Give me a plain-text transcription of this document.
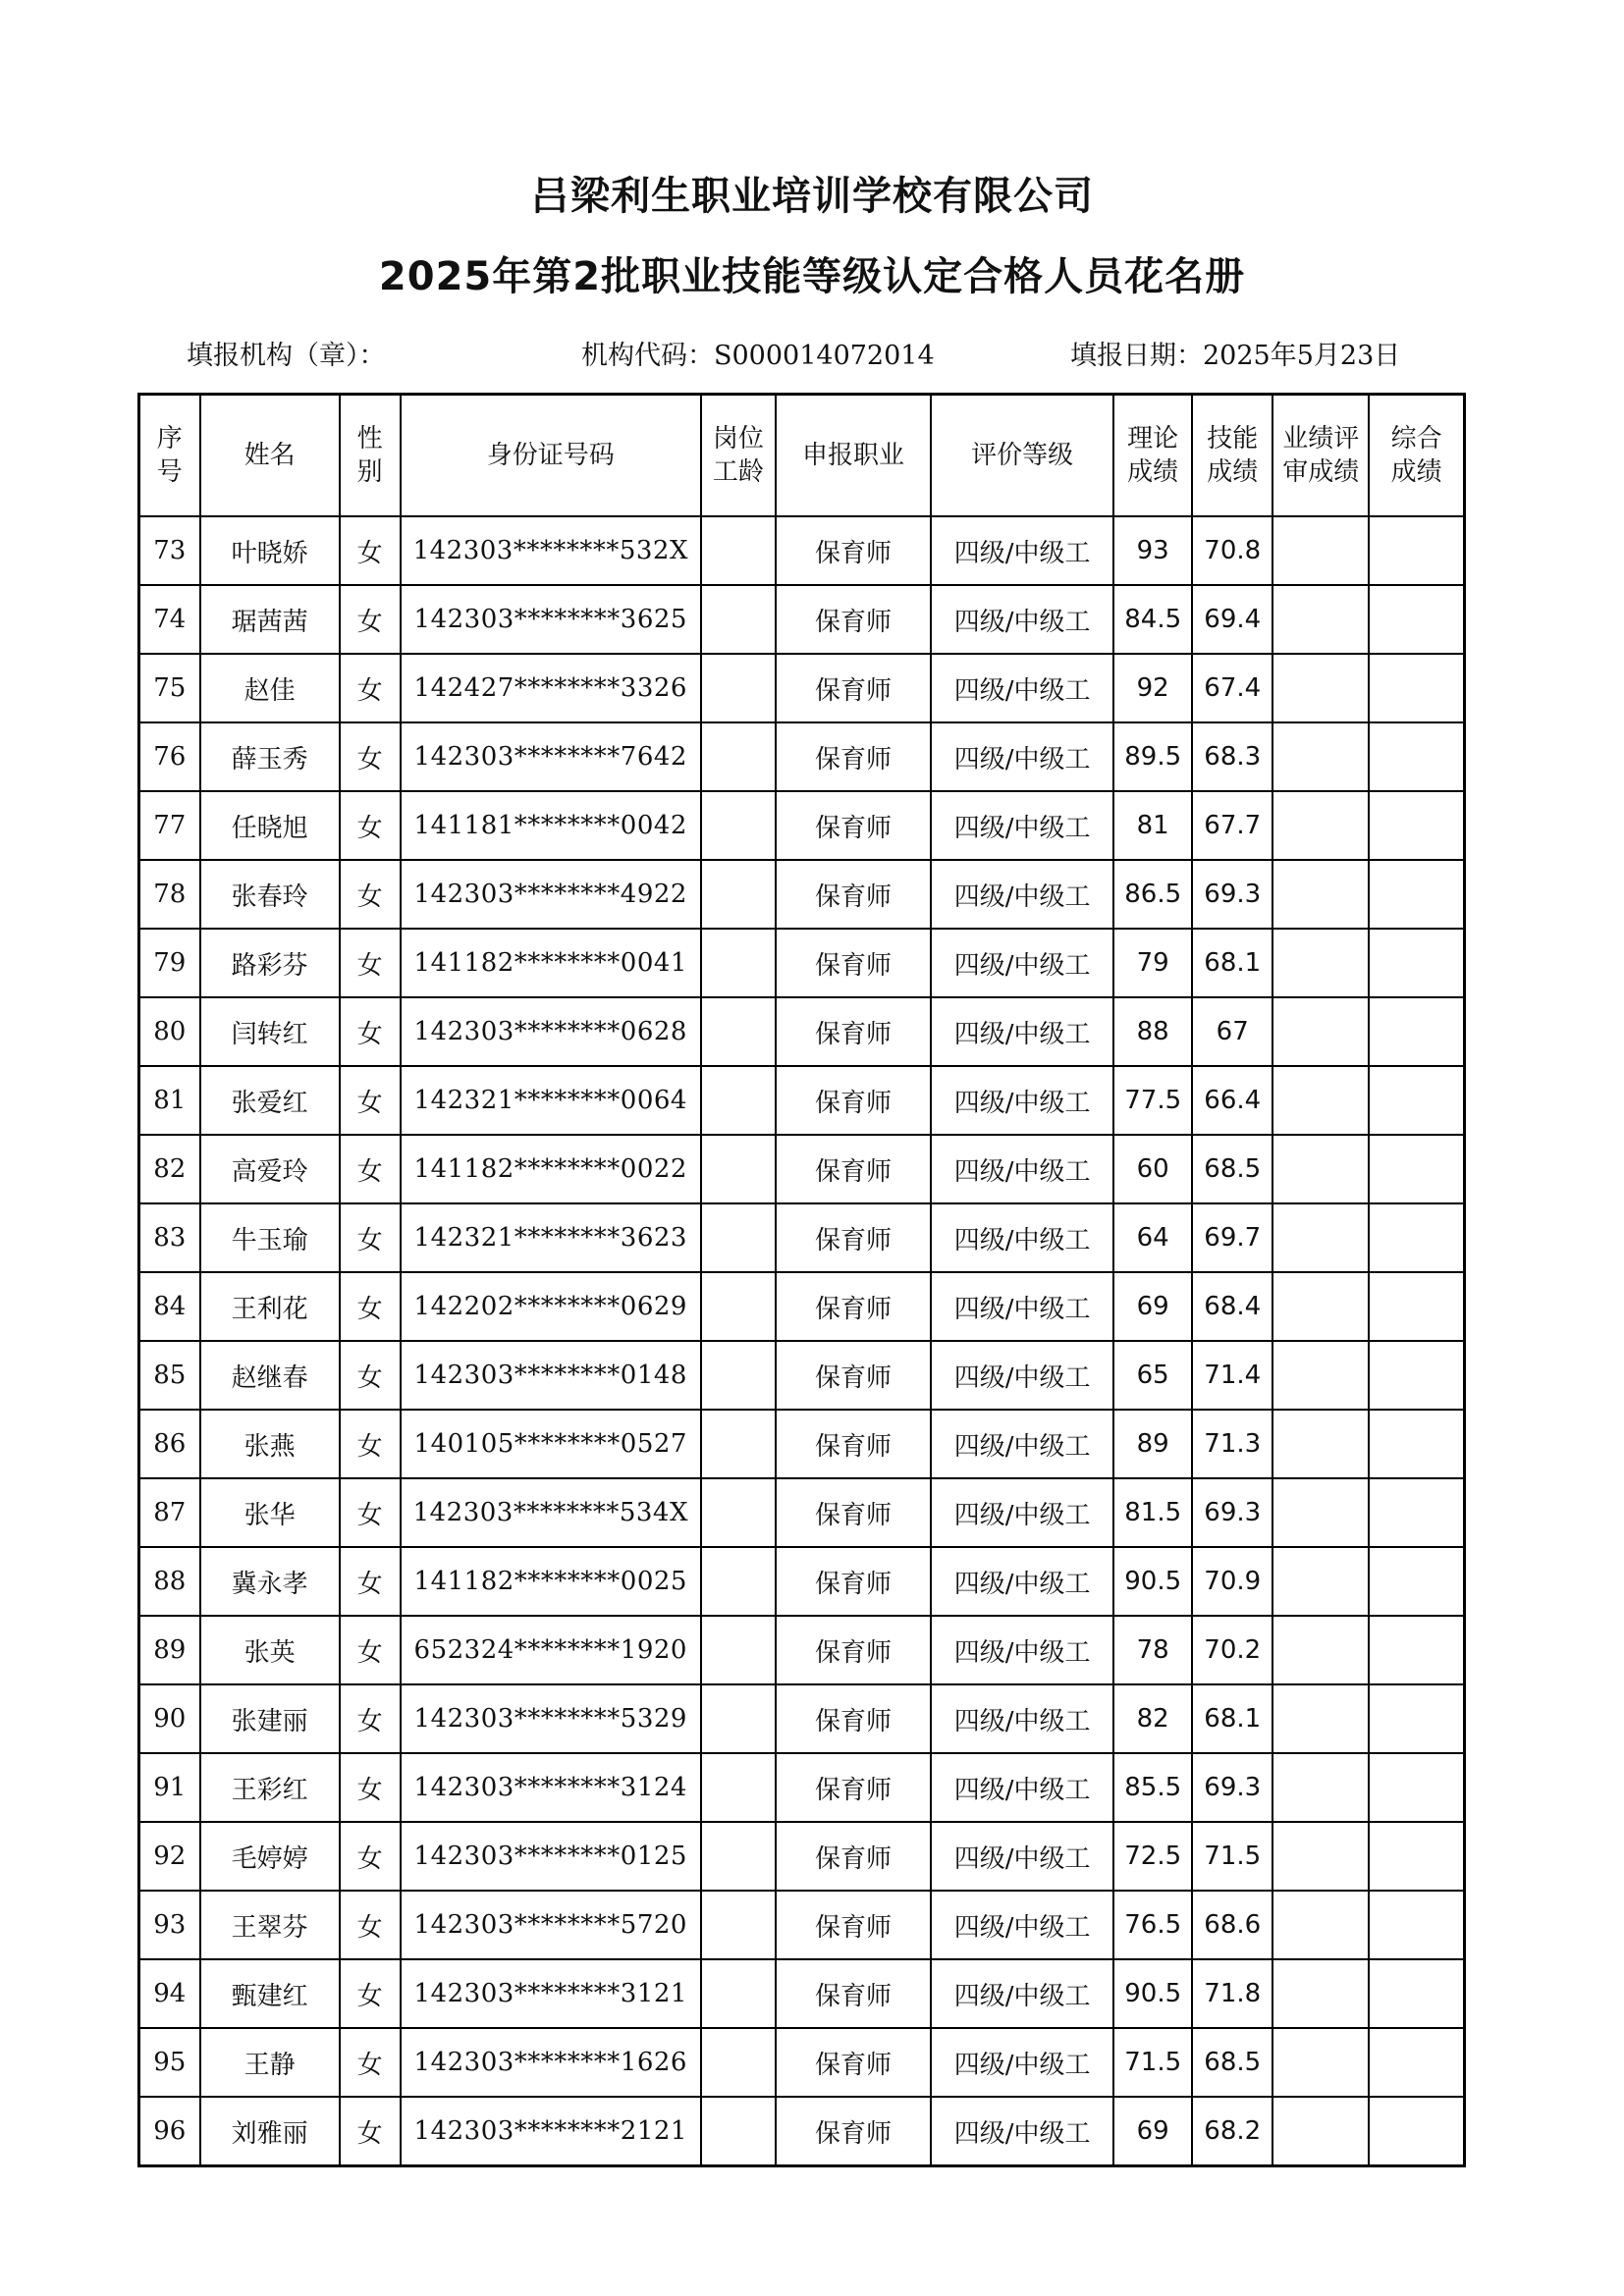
吕梁利生职业培训学校有限公司
2025年第2批职业技能等级认定合格人员花名册
填报机构（章）：	机构代码：S000014072014	填报日期：2025年5月23日
序号	姓名	性别	身份证号码	岗位工龄	申报职业	评价等级	理论成绩	技能成绩	业绩评审成绩	综合成绩
73	叶晓娇	女	142303********532X		保育师	四级/中级工	93	70.8		
74	琚茜茜	女	142303********3625		保育师	四级/中级工	84.5	69.4		
75	赵佳	女	142427********3326		保育师	四级/中级工	92	67.4		
76	薛玉秀	女	142303********7642		保育师	四级/中级工	89.5	68.3		
77	任晓旭	女	141181********0042		保育师	四级/中级工	81	67.7		
78	张春玲	女	142303********4922		保育师	四级/中级工	86.5	69.3		
79	路彩芬	女	141182********0041		保育师	四级/中级工	79	68.1		
80	闫转红	女	142303********0628		保育师	四级/中级工	88	67		
81	张爱红	女	142321********0064		保育师	四级/中级工	77.5	66.4		
82	高爱玲	女	141182********0022		保育师	四级/中级工	60	68.5		
83	牛玉瑜	女	142321********3623		保育师	四级/中级工	64	69.7		
84	王利花	女	142202********0629		保育师	四级/中级工	69	68.4		
85	赵继春	女	142303********0148		保育师	四级/中级工	65	71.4		
86	张燕	女	140105********0527		保育师	四级/中级工	89	71.3		
87	张华	女	142303********534X		保育师	四级/中级工	81.5	69.3		
88	冀永孝	女	141182********0025		保育师	四级/中级工	90.5	70.9		
89	张英	女	652324********1920		保育师	四级/中级工	78	70.2		
90	张建丽	女	142303********5329		保育师	四级/中级工	82	68.1		
91	王彩红	女	142303********3124		保育师	四级/中级工	85.5	69.3		
92	毛婷婷	女	142303********0125		保育师	四级/中级工	72.5	71.5		
93	王翠芬	女	142303********5720		保育师	四级/中级工	76.5	68.6		
94	甄建红	女	142303********3121		保育师	四级/中级工	90.5	71.8		
95	王静	女	142303********1626		保育师	四级/中级工	71.5	68.5		
96	刘雅丽	女	142303********2121		保育师	四级/中级工	69	68.2		
